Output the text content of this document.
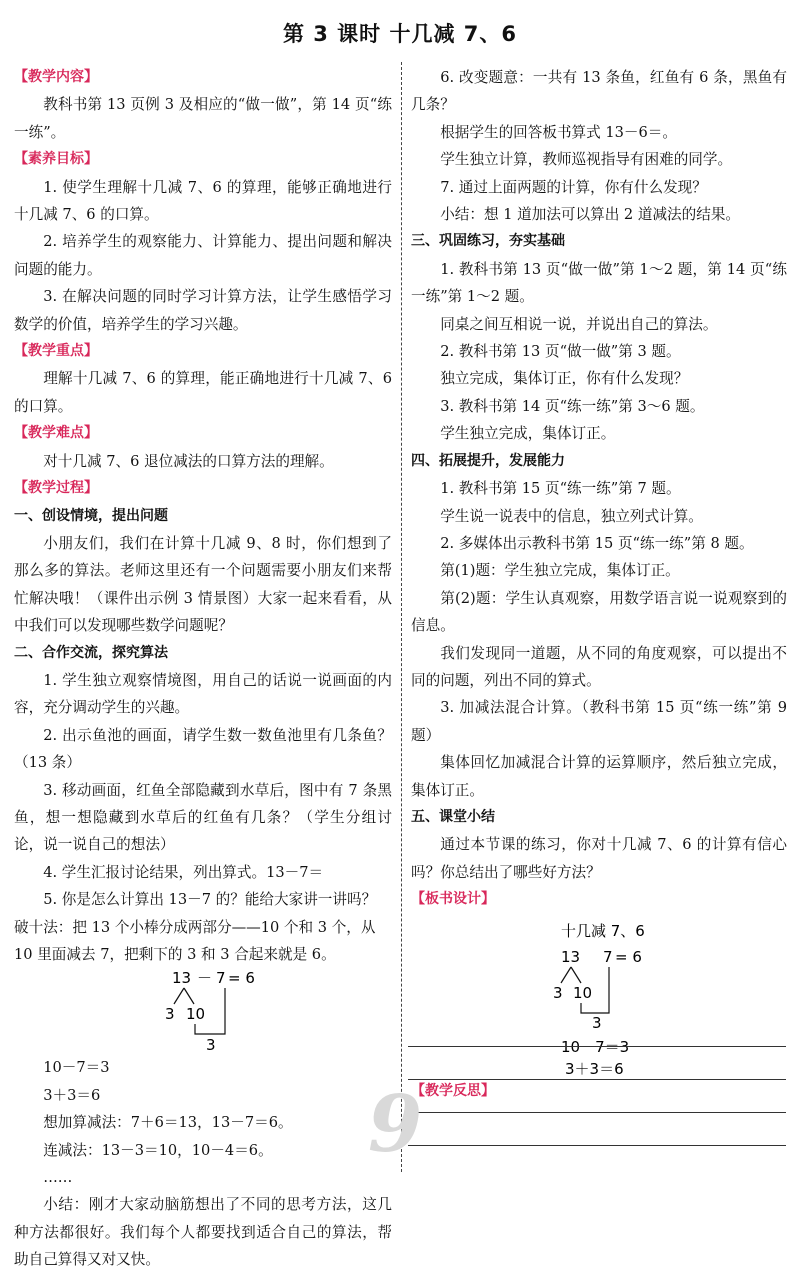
第 3 课时 十几减 7、6
【教学内容】
教科书第 13 页例 3 及相应的“做一做”，第 14 页“练一练”。
【素养目标】
1. 使学生理解十几减 7、6 的算理，能够正确地进行十几减 7、6 的口算。
2. 培养学生的观察能力、计算能力、提出问题和解决问题的能力。
3. 在解决问题的同时学习计算方法，让学生感悟学习数学的价值，培养学生的学习兴趣。
【教学重点】
理解十几减 7、6 的算理，能正确地进行十几减 7、6 的口算。
【教学难点】
对十几减 7、6 退位减法的口算方法的理解。
【教学过程】
一、创设情境，提出问题
小朋友们，我们在计算十几减 9、8 时，你们想到了那么多的算法。老师这里还有一个问题需要小朋友们来帮忙解决哦！（课件出示例 3 情景图）大家一起来看看，从中我们可以发现哪些数学问题呢？
二、合作交流，探究算法
1. 学生独立观察情境图，用自己的话说一说画面的内容，充分调动学生的兴趣。
2. 出示鱼池的画面，请学生数一数鱼池里有几条鱼？（13 条）
3. 移动画面，红鱼全部隐藏到水草后，图中有 7 条黑鱼，想一想隐藏到水草后的红鱼有几条？（学生分组讨论，说一说自己的想法）
4. 学生汇报讨论结果，列出算式。13－7＝
5. 你是怎么计算出 13－7 的？能给大家讲一讲吗？
破十法：把 13 个小棒分成两部分——10 个和 3 个，从 10 里面减去 7，把剩下的 3 和 3 合起来就是 6。
13 － 7 = 6
3 10
3
10－7＝3
3＋3＝6
想加算减法：7＋6＝13，13－7＝6。
连减法：13－3＝10，10－4＝6。
……
小结：刚才大家动脑筋想出了不同的思考方法，这几种方法都很好。我们每个人都要找到适合自己的算法，帮助自己算得又对又快。
6. 改变题意：一共有 13 条鱼，红鱼有 6 条，黑鱼有几条？
根据学生的回答板书算式 13－6＝。
学生独立计算，教师巡视指导有困难的同学。
7. 通过上面两题的计算，你有什么发现？
小结：想 1 道加法可以算出 2 道减法的结果。
三、巩固练习，夯实基础
1. 教科书第 13 页“做一做”第 1～2 题，第 14 页“练一练”第 1～2 题。
同桌之间互相说一说，并说出自己的算法。
2. 教科书第 13 页“做一做”第 3 题。
独立完成，集体订正，你有什么发现？
3. 教科书第 14 页“练一练”第 3～6 题。
学生独立完成，集体订正。
四、拓展提升，发展能力
1. 教科书第 15 页“练一练”第 7 题。
学生说一说表中的信息，独立列式计算。
2. 多媒体出示教科书第 15 页“练一练”第 8 题。
第(1)题：学生独立完成，集体订正。
第(2)题：学生认真观察，用数学语言说一说观察到的信息。
我们发现同一道题，从不同的角度观察，可以提出不同的问题，列出不同的算式。
3. 加减法混合计算。（教科书第 15 页“练一练”第 9 题）
集体回忆加减混合计算的运算顺序，然后独立完成，集体订正。
五、课堂小结
通过本节课的练习，你对十几减 7、6 的计算有信心吗？你总结出了哪些好方法？
【板书设计】
十几减 7、6
13 7 = 6
3 10
3
10－7＝3
3＋3＝6
【教学反思】
9
